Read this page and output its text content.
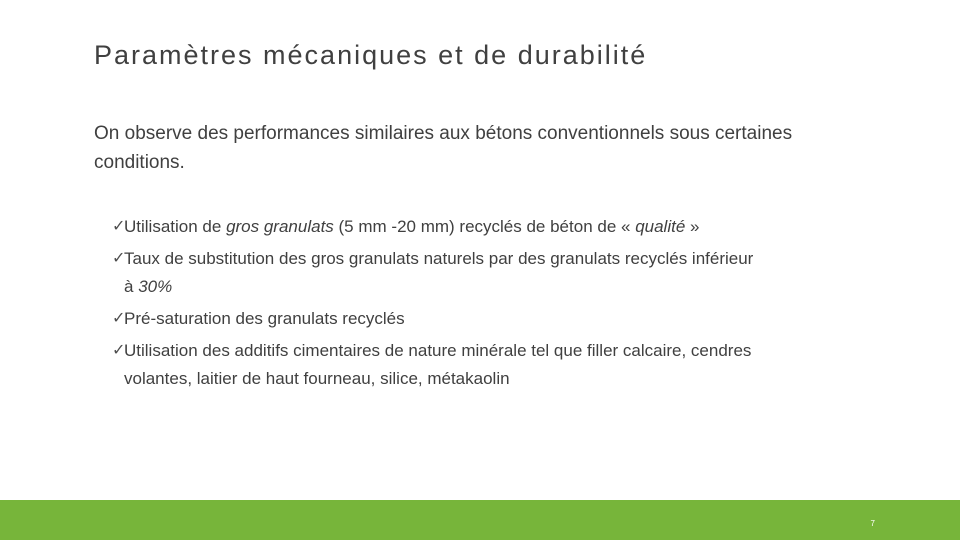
Paramètres mécaniques et de durabilité
On observe des performances similaires aux bétons conventionnels sous certaines conditions.
✓
Utilisation de gros granulats (5 mm -20 mm) recyclés de béton de « qualité »
✓
Taux de substitution des gros granulats naturels par des granulats recyclés inférieur
à 30%
✓
Pré-saturation des granulats recyclés
✓
Utilisation des additifs cimentaires de nature minérale tel que filler calcaire, cendres
volantes, laitier de haut fourneau, silice, métakaolin
7
